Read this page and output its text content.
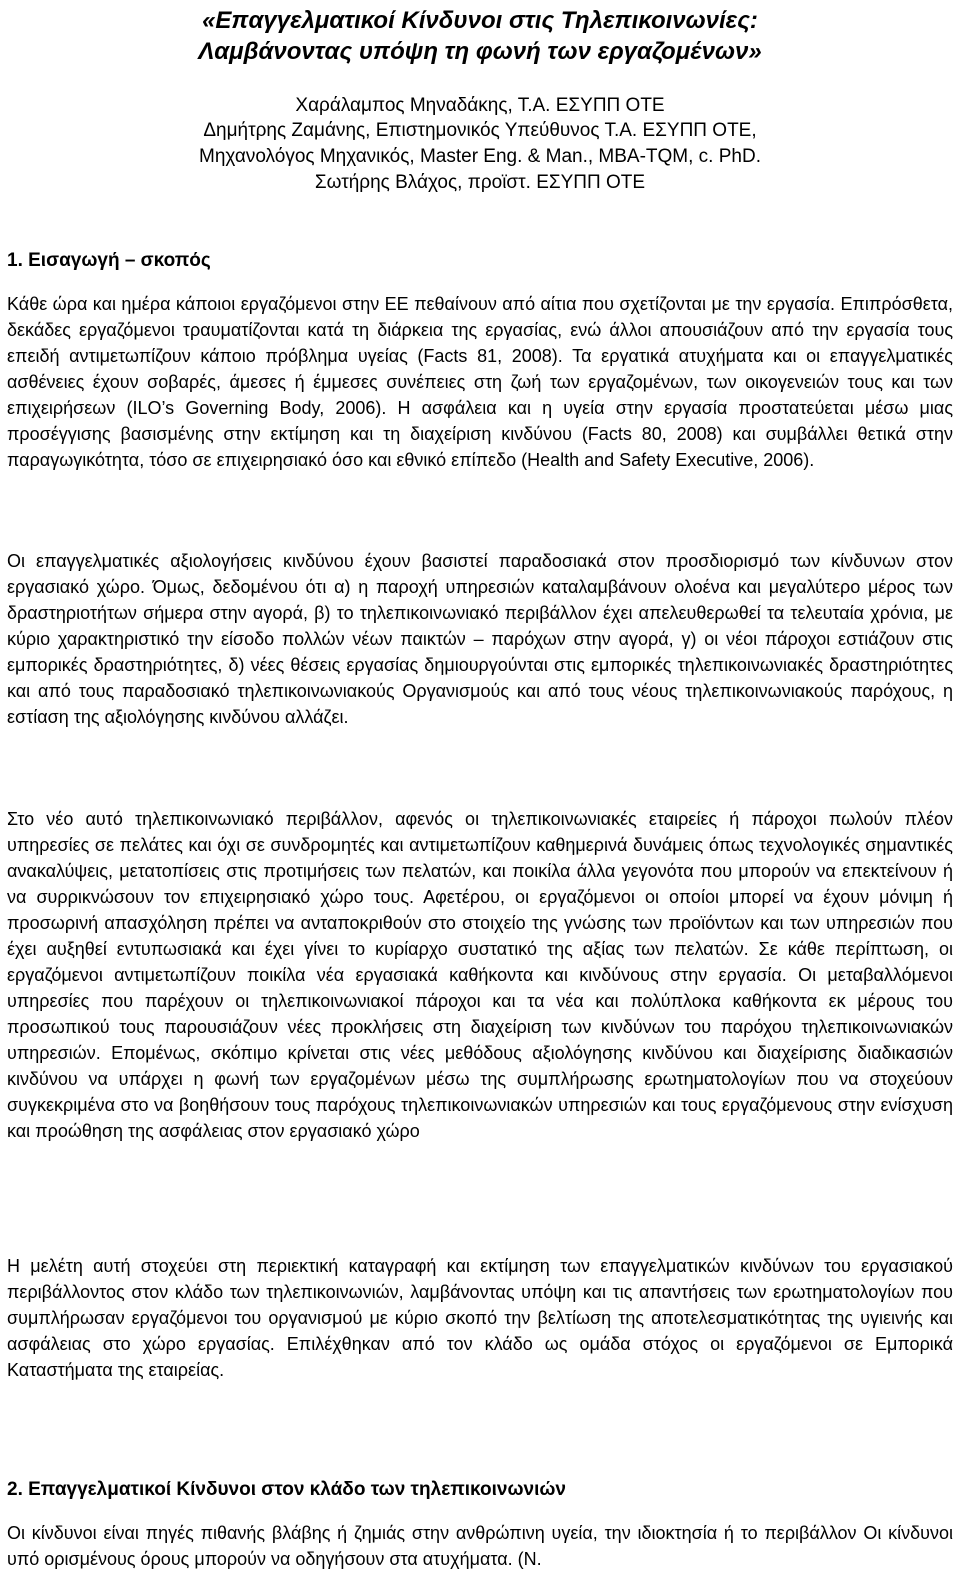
«Επαγγελματικοί Κίνδυνοι στις Τηλεπικοινωνίες:
Λαμβάνοντας υπόψη τη φωνή των εργαζομένων»
Χαράλαμπος Μηναδάκης, Τ.Α. ΕΣΥΠΠ ΟΤΕ
Δημήτρης Ζαμάνης, Επιστημονικός Υπεύθυνος Τ.Α. ΕΣΥΠΠ ΟΤΕ,
Μηχανολόγος Μηχανικός, Master Eng. & Man., MBA-TQM, c. PhD.
Σωτήρης Βλάχος, προϊστ. ΕΣΥΠΠ ΟΤΕ
1. Εισαγωγή – σκοπός

Κάθε ώρα και ημέρα κάποιοι εργαζόμενοι στην ΕΕ πεθαίνουν από αίτια που σχετίζονται με την εργασία. Επιπρόσθετα, δεκάδες εργαζόμενοι τραυματίζονται κατά τη διάρκεια της εργασίας, ενώ άλλοι απουσιάζουν από την εργασία τους επειδή αντιμετωπίζουν κάποιο πρόβλημα υγείας (Facts 81, 2008). Τα εργατικά ατυχήματα και οι επαγγελματικές ασθένειες έχουν σοβαρές, άμεσες ή έμμεσες συνέπειες στη ζωή των εργαζομένων, των οικογενειών τους και των επιχειρήσεων (ILO’s Governing Body, 2006). Η ασφάλεια και η υγεία στην εργασία προστατεύεται μέσω μιας προσέγγισης βασισμένης στην εκτίμηση και τη διαχείριση κινδύνου (Facts 80, 2008) και συμβάλλει θετικά στην παραγωγικότητα, τόσο σε επιχειρησιακό όσο και εθνικό επίπεδο (Health and Safety Executive, 2006).

Οι επαγγελματικές αξιολογήσεις κινδύνου έχουν βασιστεί παραδοσιακά στον προσδιορισμό των κίνδυνων στον εργασιακό χώρο. Όμως, δεδομένου ότι α) η παροχή υπηρεσιών καταλαμβάνουν ολοένα και μεγαλύτερο μέρος των δραστηριοτήτων σήμερα στην αγορά, β) το τηλεπικοινωνιακό περιβάλλον έχει απελευθερωθεί τα τελευταία χρόνια, με κύριο χαρακτηριστικό την είσοδο πολλών νέων παικτών – παρόχων στην αγορά, γ) οι νέοι πάροχοι εστιάζουν στις εμπορικές δραστηριότητες, δ) νέες θέσεις εργασίας δημιουργούνται στις εμπορικές τηλεπικοινωνιακές δραστηριότητες και από τους παραδοσιακό τηλεπικοινωνιακούς Οργανισμούς και από τους νέους τηλεπικοινωνιακούς παρόχους, η εστίαση της αξιολόγησης κινδύνου αλλάζει.

Στο νέο αυτό τηλεπικοινωνιακό περιβάλλον, αφενός οι τηλεπικοινωνιακές εταιρείες ή πάροχοι πωλούν πλέον υπηρεσίες σε πελάτες και όχι σε συνδρομητές και αντιμετωπίζουν καθημερινά δυνάμεις όπως τεχνολογικές σημαντικές ανακαλύψεις, μετατοπίσεις στις προτιμήσεις των πελατών, και ποικίλα άλλα γεγονότα που μπορούν να επεκτείνουν ή να συρρικνώσουν τον επιχειρησιακό χώρο τους. Αφετέρου, οι εργαζόμενοι οι οποίοι μπορεί να έχουν μόνιμη ή προσωρινή απασχόληση πρέπει να ανταποκριθούν στο στοιχείο της γνώσης των προϊόντων και των υπηρεσιών που έχει αυξηθεί εντυπωσιακά και έχει γίνει το κυρίαρχο συστατικό της αξίας των πελατών. Σε κάθε περίπτωση, οι εργαζόμενοι αντιμετωπίζουν ποικίλα νέα εργασιακά καθήκοντα και κινδύνους στην εργασία. Οι μεταβαλλόμενοι υπηρεσίες που παρέχουν οι τηλεπικοινωνιακοί πάροχοι και τα νέα και πολύπλοκα καθήκοντα εκ μέρους του προσωπικού τους παρουσιάζουν νέες προκλήσεις στη διαχείριση των κινδύνων του παρόχου τηλεπικοινωνιακών υπηρεσιών. Επομένως, σκόπιμο κρίνεται στις νέες μεθόδους αξιολόγησης κινδύνου και διαχείρισης διαδικασιών κινδύνου να υπάρχει η φωνή των εργαζομένων μέσω της συμπλήρωσης ερωτηματολογίων που να στοχεύουν συγκεκριμένα στο να βοηθήσουν τους παρόχους τηλεπικοινωνιακών υπηρεσιών και τους εργαζόμενους στην ενίσχυση και προώθηση της ασφάλειας στον εργασιακό χώρο

Η μελέτη αυτή στοχεύει στη περιεκτική καταγραφή και εκτίμηση των επαγγελματικών κινδύνων του εργασιακού περιβάλλοντος στον κλάδο των τηλεπικοινωνιών, λαμβάνοντας υπόψη και τις απαντήσεις των ερωτηματολογίων που συμπλήρωσαν εργαζόμενοι του οργανισμού με κύριο σκοπό την βελτίωση της αποτελεσματικότητας της υγιεινής και ασφάλειας στο χώρο εργασίας. Επιλέχθηκαν από τον κλάδο ως ομάδα στόχος οι εργαζόμενοι σε Εμπορικά Καταστήματα της εταιρείας.

2. Επαγγελματικοί Κίνδυνοι στον κλάδο των τηλεπικοινωνιών

Οι κίνδυνοι είναι πηγές πιθανής βλάβης ή ζημιάς στην ανθρώπινη υγεία, την ιδιοκτησία ή το περιβάλλον Οι κίνδυνοι υπό ορισμένους όρους μπορούν να οδηγήσουν στα ατυχήματα. (Ν.
